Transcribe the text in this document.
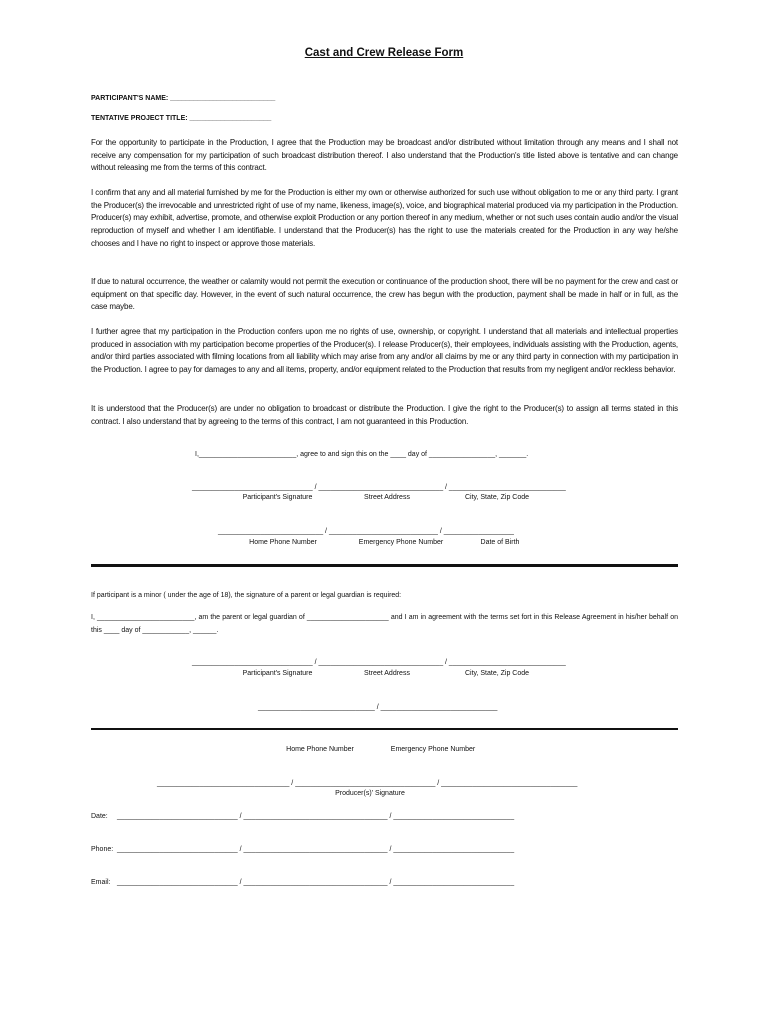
Cast and Crew Release Form
PARTICIPANT'S NAME: ___________________________
TENTATIVE PROJECT TITLE: _____________________
For the opportunity to participate in the Production, I agree that the Production may be broadcast and/or distributed without limitation through any means and I shall not receive any compensation for my participation of such broadcast distribution thereof. I also understand that the Production's title listed above is tentative and can change without releasing me from the terms of this contract.
I confirm that any and all material furnished by me for the Production is either my own or otherwise authorized for such use without obligation to me or any third party. I grant the Producer(s) the irrevocable and unrestricted right of use of my name, likeness, image(s), voice, and biographical material produced via my participation in the Production. Producer(s) may exhibit, advertise, promote, and otherwise exploit Production or any portion thereof in any medium, whether or not such uses contain audio and/or the visual reproduction of myself and whether I am identifiable. I understand that the Producer(s) has the right to use the materials created for the Production in any way he/she chooses and I have no right to inspect or approve those materials.
If due to natural occurrence, the weather or calamity would not permit the execution or continuance of the production shoot, there will be no payment for the crew and cast or equipment on that specific day. However, in the event of such natural occurrence, the crew has begun with the production, payment shall be made in half or in full, as the case maybe.
I further agree that my participation in the Production confers upon me no rights of use, ownership, or copyright. I understand that all materials and intellectual properties produced in association with my participation become properties of the Producer(s). I release Producer(s), their employees, individuals assisting with the Production, agents, and/or third parties associated with filming locations from all liability which may arise from any and/or all claims by me or any third party in connection with my participation in the Production. I agree to pay for damages to any and all items, property, and/or equipment related to the Production that results from my negligent and/or reckless behavior.
It is understood that the Producer(s) are under no obligation to broadcast or distribute the Production. I give the right to the Producer(s) to assign all terms stated in this contract. I also understand that by agreeing to the terms of this contract, I am not guaranteed in this Production.
I,_________________________, agree to and sign this on the ____ day of _________________, _______.
_______________________________ / ________________________________ / ______________________________
Participant's Signature	Street Address	City, State, Zip Code
___________________________ / ____________________________ / __________________
Home Phone Number	Emergency Phone Number	Date of Birth
If participant is a minor ( under the age of 18), the signature of a parent or legal guardian is required:
I, _________________________, am the parent or legal guardian of _____________________ and I am in agreement with the terms set fort in this Release Agreement in his/her behalf on this ____ day of ____________, ______.
_______________________________ / ________________________________ / ______________________________
Participant's Signature	Street Address	City, State, Zip Code
______________________________ / ______________________________
Home Phone Number	Emergency Phone Number
__________________________________ / ____________________________________ / ___________________________________
Producer(s)' Signature
Date: _______________________________ / _____________________________________ / _______________________________
Phone: _______________________________ / _____________________________________ / _______________________________
Email: _______________________________ / _____________________________________ / _______________________________
